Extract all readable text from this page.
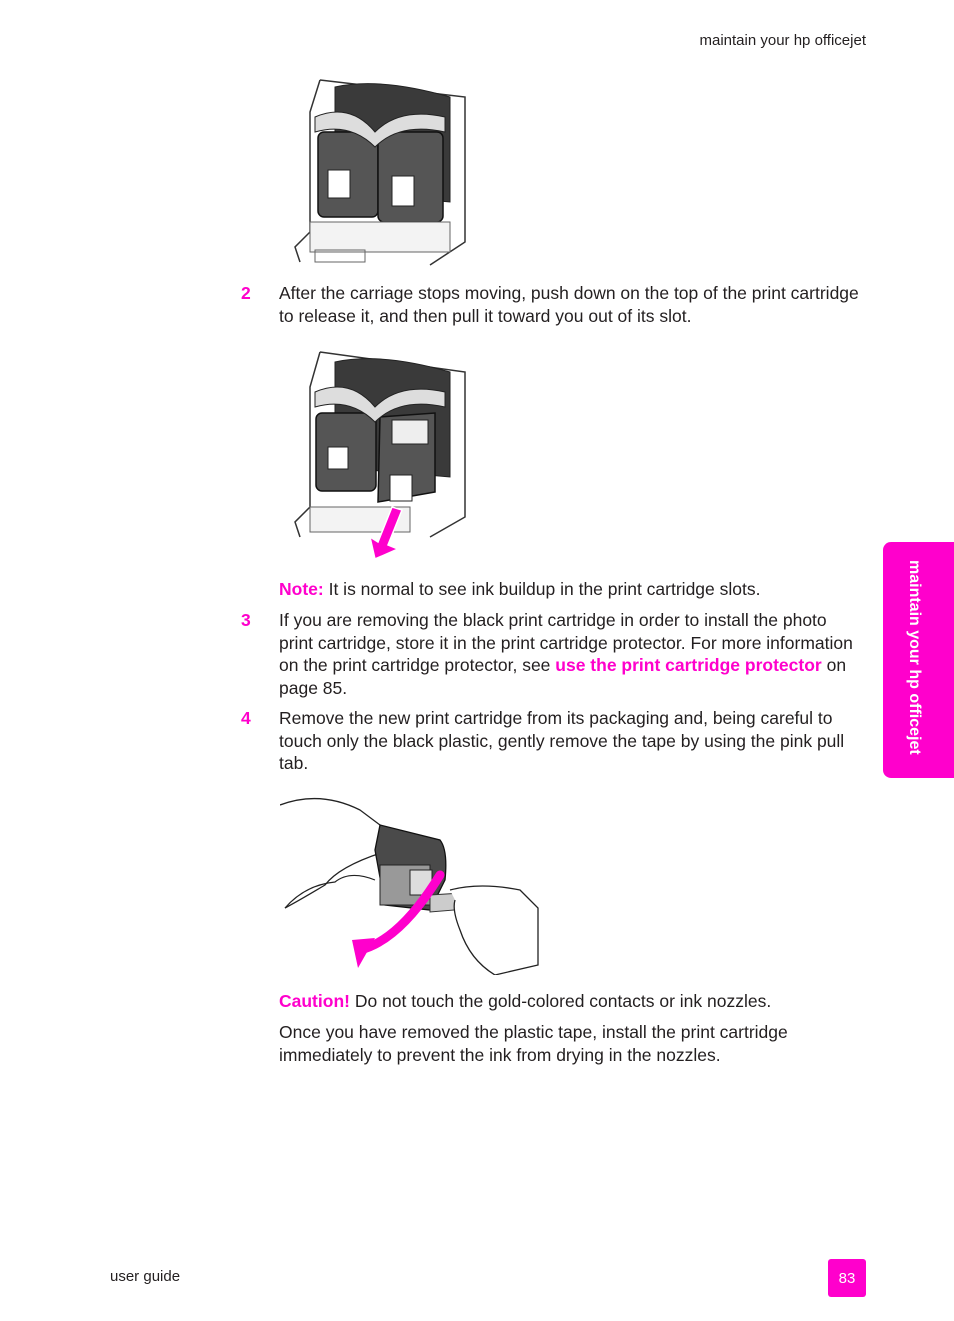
maintain your hp officejet
2 After the carriage stops moving, push down on the top of the print cartridge to release it, and then pull it toward you out of its slot.
Note: It is normal to see ink buildup in the print cartridge slots.
3 If you are removing the black print cartridge in order to install the photo print cartridge, store it in the print cartridge protector. For more information on the print cartridge protector, see use the print cartridge protector on page 85.
4 Remove the new print cartridge from its packaging and, being careful to touch only the black plastic, gently remove the tape by using the pink pull tab.
Caution! Do not touch the gold-colored contacts or ink nozzles.
Once you have removed the plastic tape, install the print cartridge immediately to prevent the ink from drying in the nozzles.
maintain your hp officejet
user guide	83
